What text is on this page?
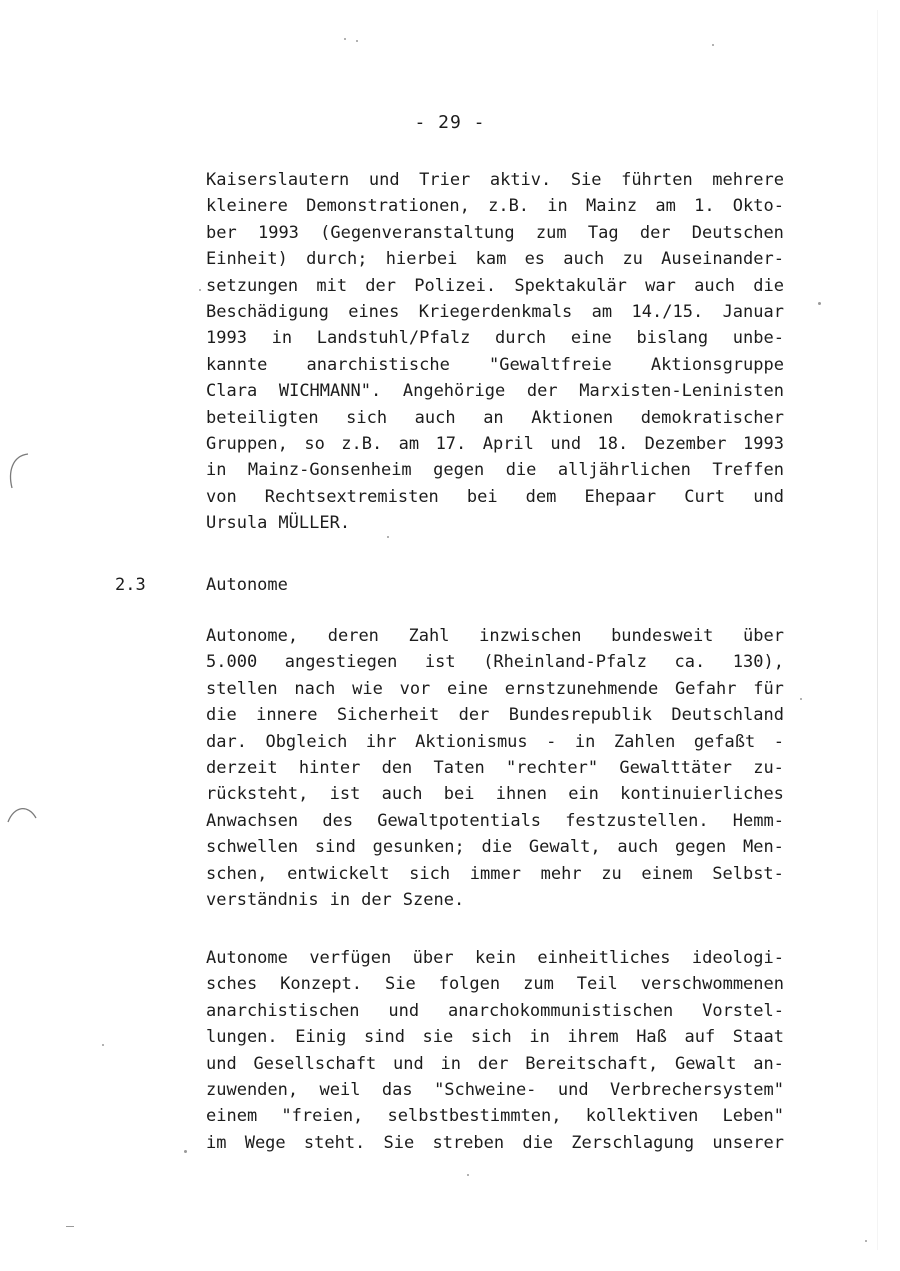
- 29 -
Kaiserslautern und Trier aktiv. Sie führten mehrere
kleinere Demonstrationen, z.B. in Mainz am 1. Okto-
ber 1993 (Gegenveranstaltung zum Tag der Deutschen
Einheit) durch; hierbei kam es auch zu Auseinander-
setzungen mit der Polizei. Spektakulär war auch die
Beschädigung eines Kriegerdenkmals am 14./15. Januar
1993 in Landstuhl/Pfalz durch eine bislang unbe-
kannte anarchistische "Gewaltfreie Aktionsgruppe
Clara WICHMANN". Angehörige der Marxisten-Leninisten
beteiligten sich auch an Aktionen demokratischer
Gruppen, so z.B. am 17. April und 18. Dezember 1993
in Mainz-Gonsenheim gegen die alljährlichen Treffen
von Rechtsextremisten bei dem Ehepaar Curt und
Ursula MÜLLER.
2.3	Autonome
Autonome, deren Zahl inzwischen bundesweit über
5.000 angestiegen ist (Rheinland-Pfalz ca. 130),
stellen nach wie vor eine ernstzunehmende Gefahr für
die innere Sicherheit der Bundesrepublik Deutschland
dar. Obgleich ihr Aktionismus - in Zahlen gefaßt -
derzeit hinter den Taten "rechter" Gewalttäter zu-
rücksteht, ist auch bei ihnen ein kontinuierliches
Anwachsen des Gewaltpotentials festzustellen. Hemm-
schwellen sind gesunken; die Gewalt, auch gegen Men-
schen, entwickelt sich immer mehr zu einem Selbst-
verständnis in der Szene.
Autonome verfügen über kein einheitliches ideologi-
sches Konzept. Sie folgen zum Teil verschwommenen
anarchistischen und anarchokommunistischen Vorstel-
lungen. Einig sind sie sich in ihrem Haß auf Staat
und Gesellschaft und in der Bereitschaft, Gewalt an-
zuwenden, weil das "Schweine- und Verbrechersystem"
einem "freien, selbstbestimmten, kollektiven Leben"
im Wege steht. Sie streben die Zerschlagung unserer
